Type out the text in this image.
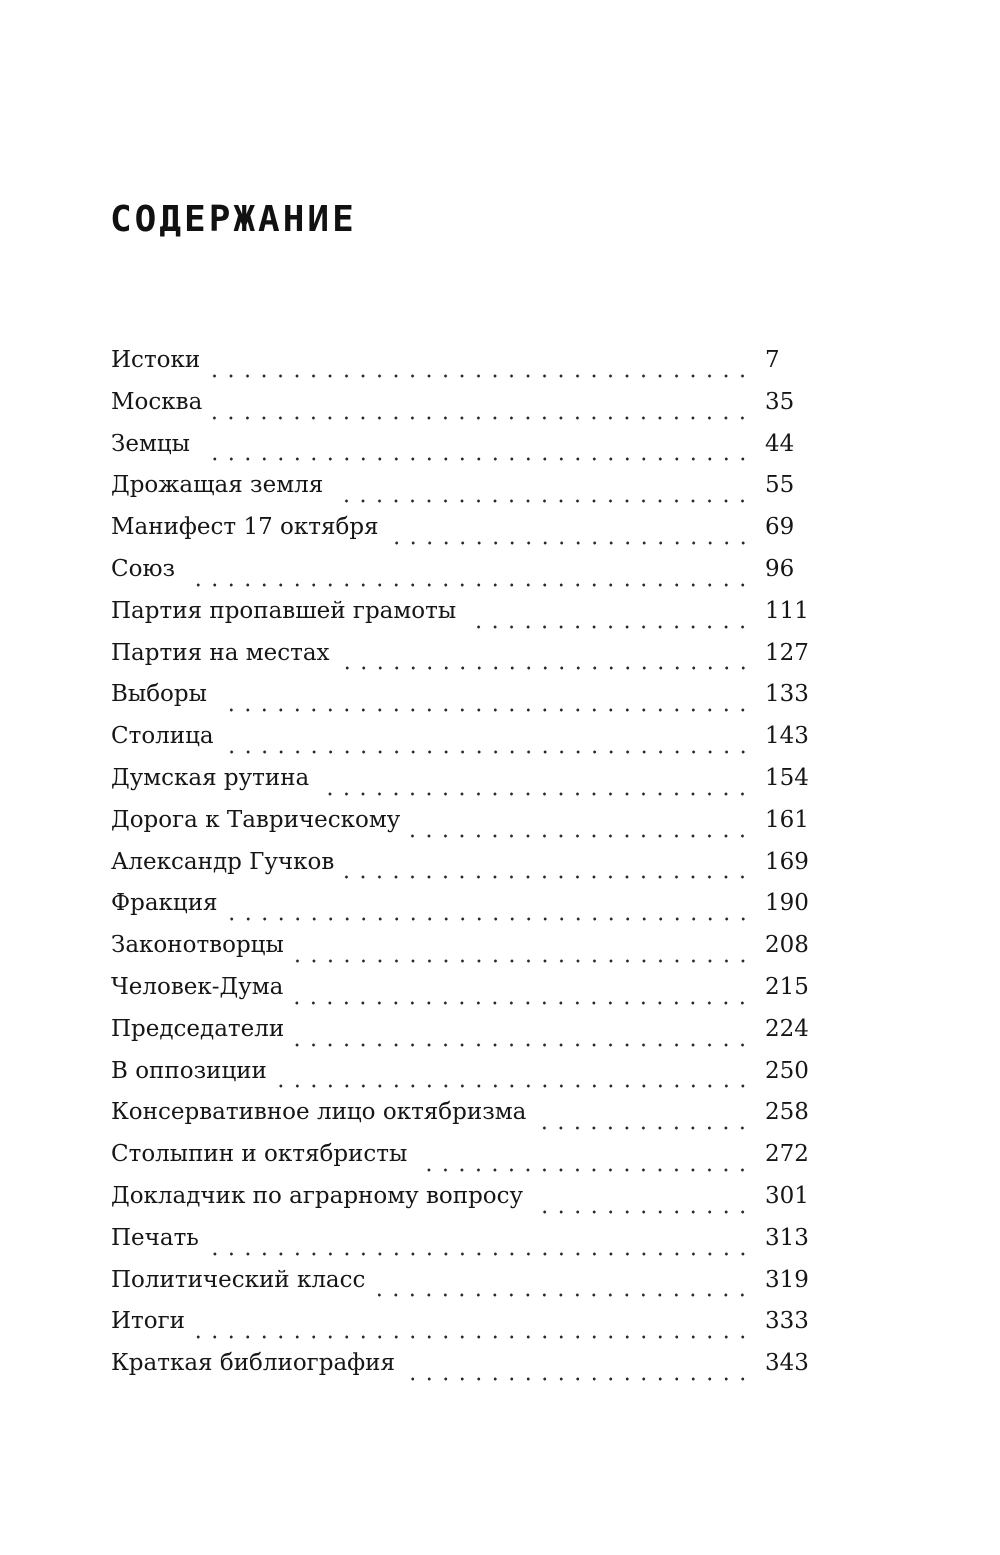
СОДЕРЖАНИЕ
Истоки	7
Москва	35
Земцы	44
Дрожащая земля	55
Манифест 17 октября	69
Союз	96
Партия пропавшей грамоты	111
Партия на местах	127
Выборы	133
Столица	143
Думская рутина	154
Дорога к Таврическому	161
Александр Гучков	169
Фракция	190
Законотворцы	208
Человек-Дума	215
Председатели	224
В оппозиции	250
Консервативное лицо октябризма	258
Столыпин и октябристы	272
Докладчик по аграрному вопросу	301
Печать	313
Политический класс	319
Итоги	333
Краткая библиография	343
